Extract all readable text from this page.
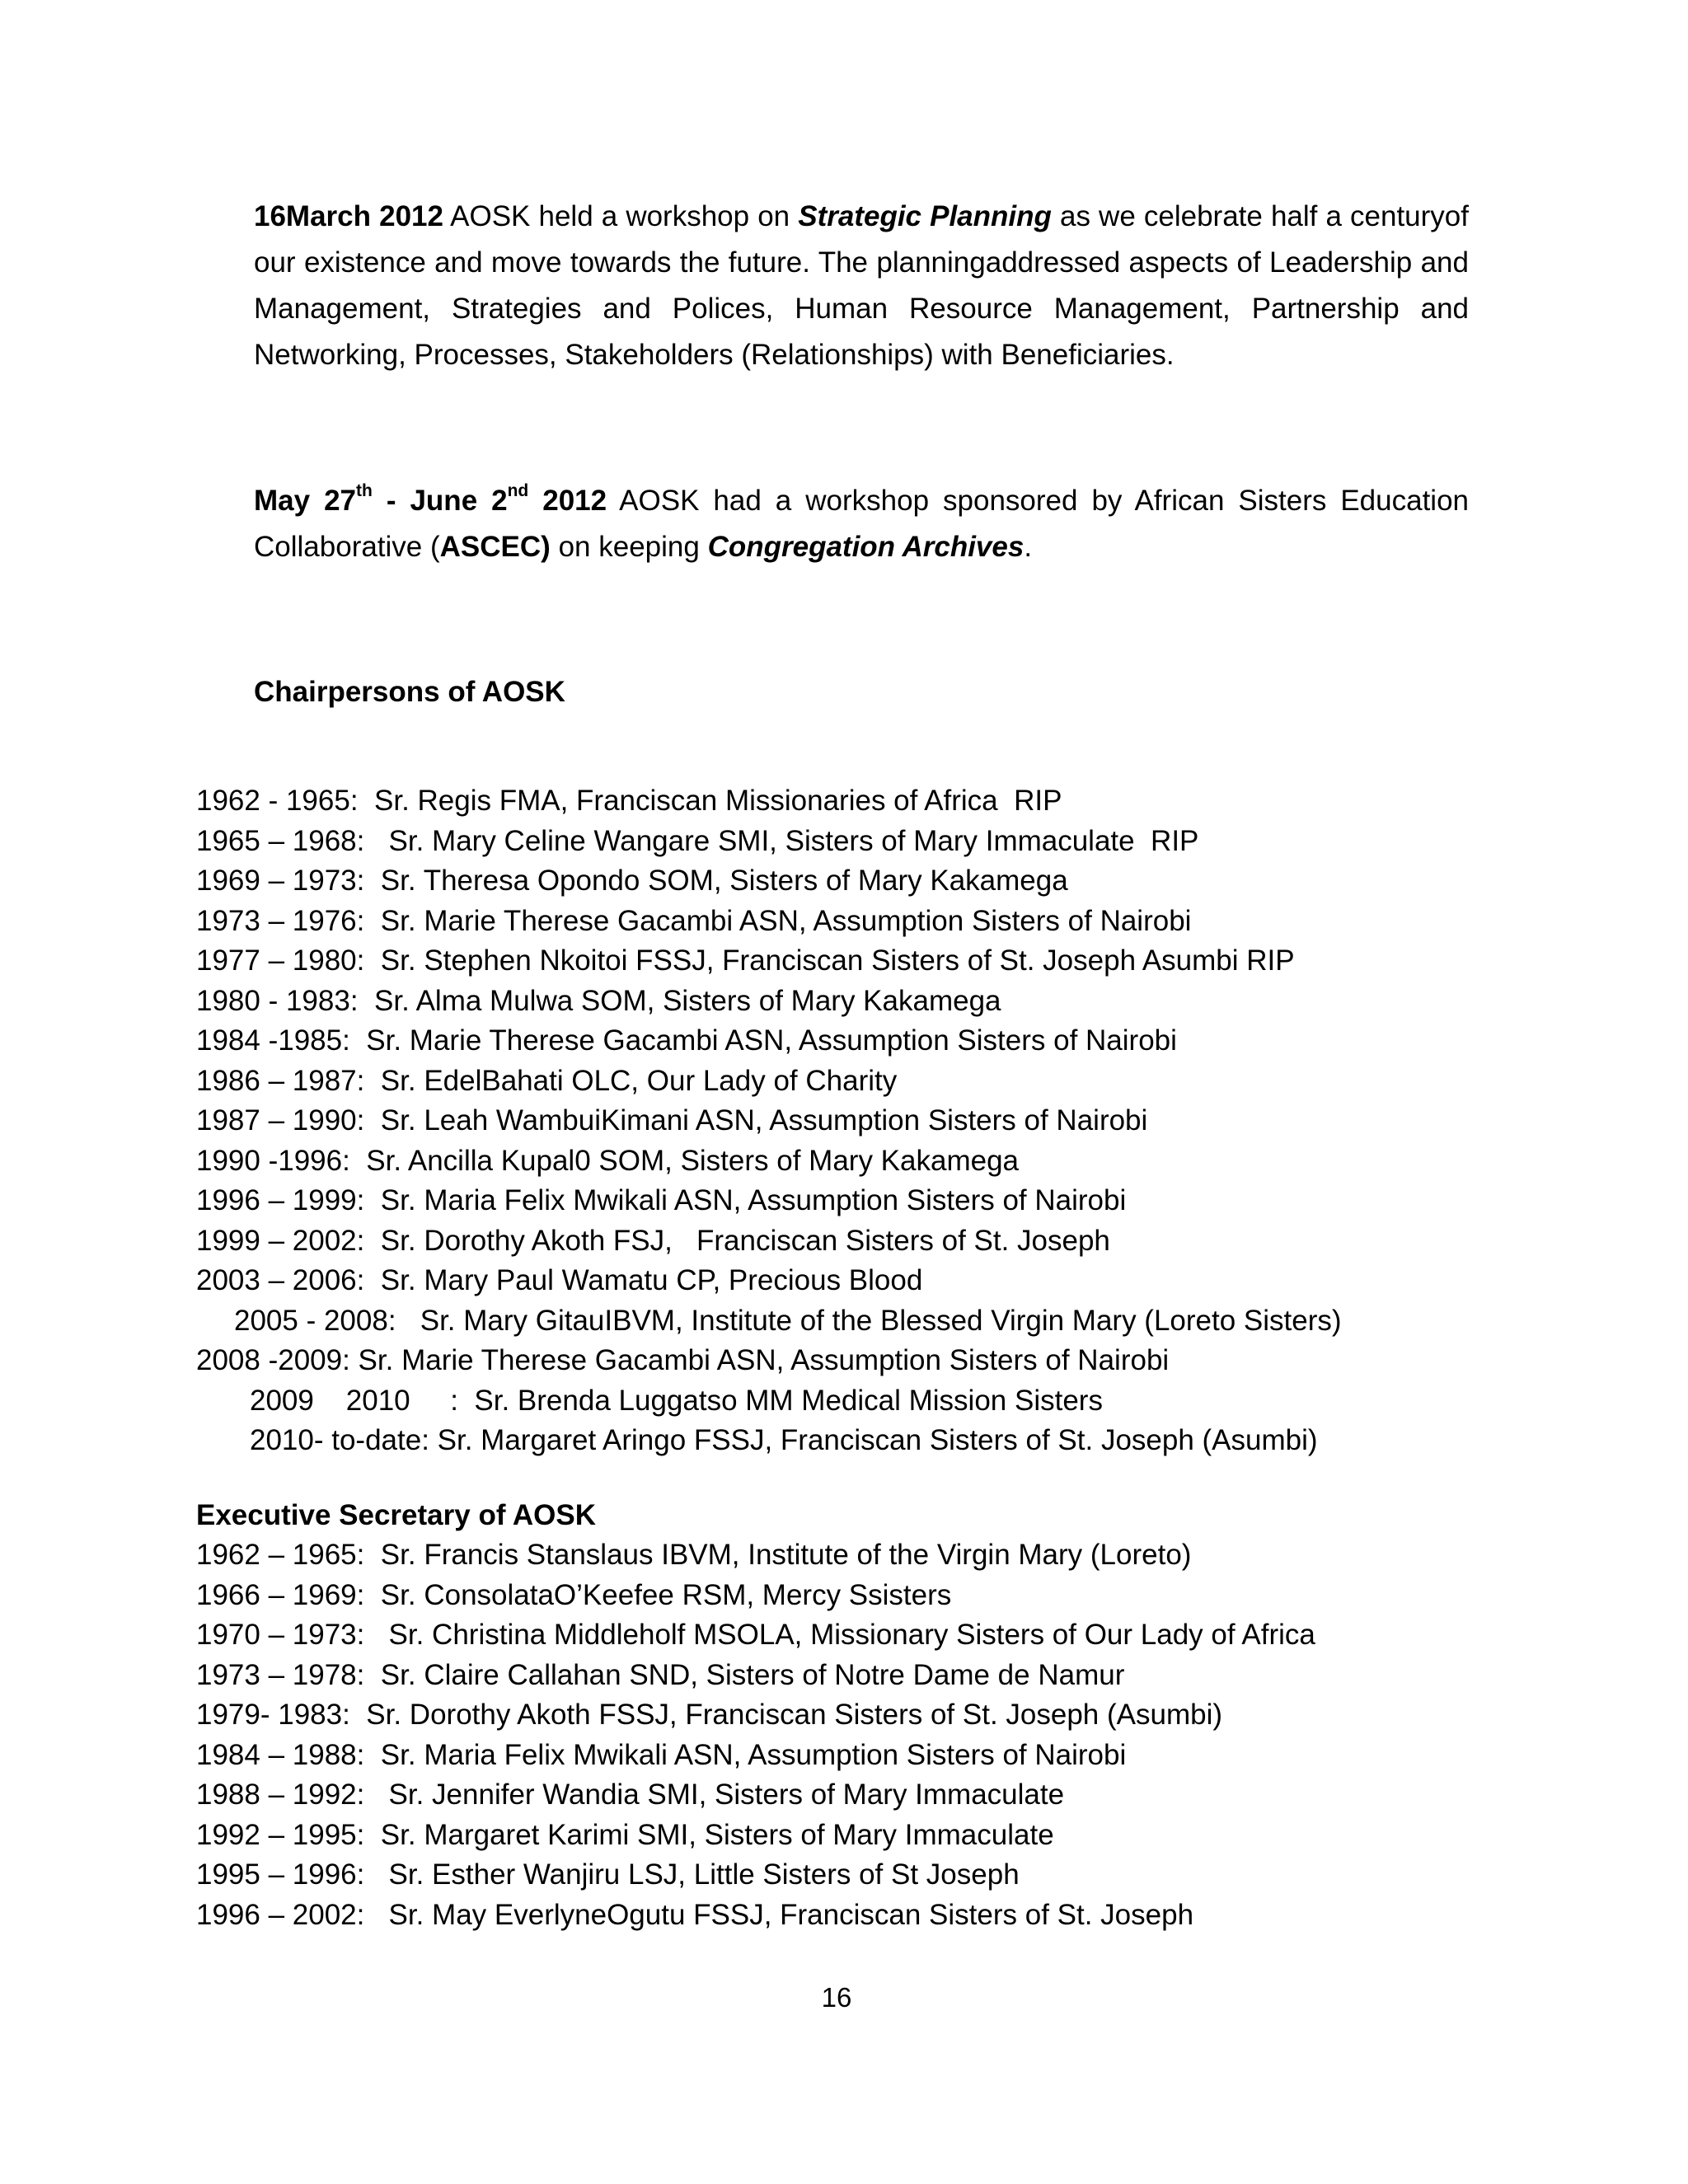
16March 2012 AOSK held a workshop on Strategic Planning as we celebrate half a centuryof our existence and move towards the future. The planningaddressed aspects of Leadership and Management, Strategies and Polices, Human Resource Management, Partnership and Networking, Processes, Stakeholders (Relationships) with Beneficiaries.

May 27th - June 2nd 2012 AOSK had a workshop sponsored by African Sisters Education Collaborative (ASCEC) on keeping Congregation Archives.

Chairpersons of AOSK
1962 - 1965:  Sr. Regis FMA, Franciscan Missionaries of Africa  RIP
1965 – 1968:   Sr. Mary Celine Wangare SMI, Sisters of Mary Immaculate  RIP
1969 – 1973:  Sr. Theresa Opondo SOM, Sisters of Mary Kakamega
1973 – 1976:  Sr. Marie Therese Gacambi ASN, Assumption Sisters of Nairobi
1977 – 1980:  Sr. Stephen Nkoitoi FSSJ, Franciscan Sisters of St. Joseph Asumbi RIP
1980 - 1983:  Sr. Alma Mulwa SOM, Sisters of Mary Kakamega
1984 -1985:  Sr. Marie Therese Gacambi ASN, Assumption Sisters of Nairobi
1986 – 1987:  Sr. EdelBahati OLC, Our Lady of Charity
1987 – 1990:  Sr. Leah WambuiKimani ASN, Assumption Sisters of Nairobi
1990 -1996:  Sr. Ancilla Kupal0 SOM, Sisters of Mary Kakamega
1996 – 1999:  Sr. Maria Felix Mwikali ASN, Assumption Sisters of Nairobi
1999 – 2002:  Sr. Dorothy Akoth FSJ,   Franciscan Sisters of St. Joseph
2003 – 2006:  Sr. Mary Paul Wamatu CP, Precious Blood
2005 - 2008:   Sr. Mary GitauIBVM, Institute of the Blessed Virgin Mary (Loreto Sisters)
2008 -2009: Sr. Marie Therese Gacambi ASN, Assumption Sisters of Nairobi
2009    2010     :  Sr. Brenda Luggatso MM Medical Mission Sisters
2010- to-date: Sr. Margaret Aringo FSSJ, Franciscan Sisters of St. Joseph (Asumbi)
Executive Secretary of AOSK
1962 – 1965:  Sr. Francis Stanslaus IBVM, Institute of the Virgin Mary (Loreto)
1966 – 1969:  Sr. ConsolataO’Keefee RSM, Mercy Ssisters
1970 – 1973:   Sr. Christina Middleholf MSOLA, Missionary Sisters of Our Lady of Africa
1973 – 1978:  Sr. Claire Callahan SND, Sisters of Notre Dame de Namur
1979- 1983:  Sr. Dorothy Akoth FSSJ, Franciscan Sisters of St. Joseph (Asumbi)
1984 – 1988:  Sr. Maria Felix Mwikali ASN, Assumption Sisters of Nairobi
1988 – 1992:   Sr. Jennifer Wandia SMI, Sisters of Mary Immaculate
1992 – 1995:  Sr. Margaret Karimi SMI, Sisters of Mary Immaculate
1995 – 1996:   Sr. Esther Wanjiru LSJ, Little Sisters of St Joseph
1996 – 2002:   Sr. May EverlyneOgutu FSSJ, Franciscan Sisters of St. Joseph
16
